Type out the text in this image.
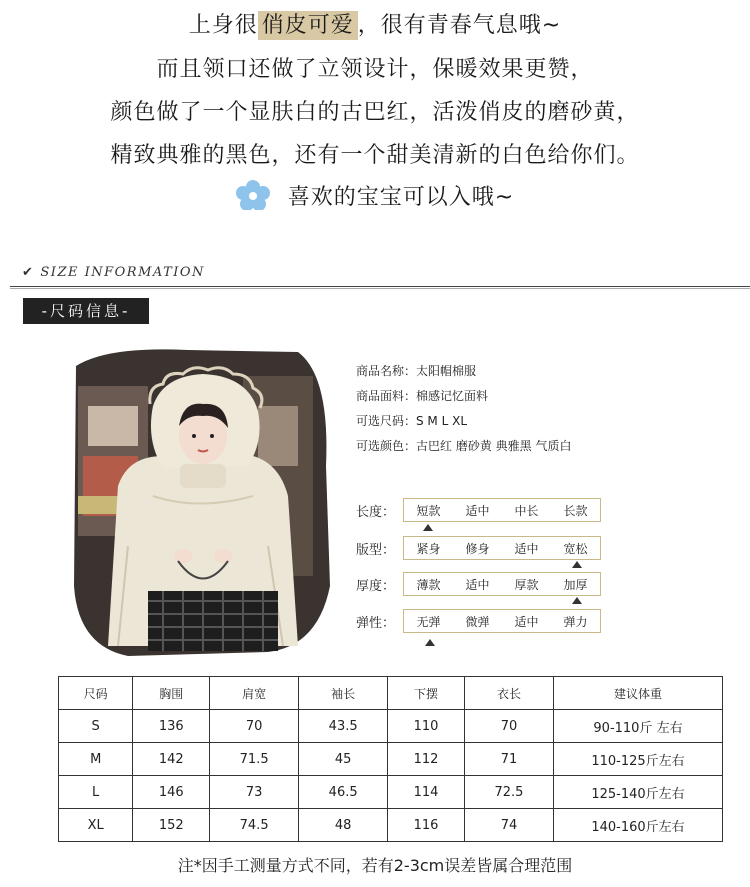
上身很 俏皮可爱 ，很有青春气息哦~
而且领口还做了立领设计，保暖效果更赞，
颜色做了一个显肤白的古巴红，活泼俏皮的磨砂黄，
精致典雅的黑色，还有一个甜美清新的白色给你们。
喜欢的宝宝可以入哦~
✔ SIZE INFORMATION
-尺码信息-
商品名称：太阳帽棉服
商品面料：棉感记忆面料
可选尺码：S M L XL
可选颜色：古巴红 磨砂黄 典雅黑 气质白
长度：	短款	适中	中长	长款
版型：	紧身	修身	适中	宽松
厚度：	薄款	适中	厚款	加厚
弹性：	无弹	微弹	适中	弹力
尺码	胸围	肩宽	袖长	下摆	衣长	建议体重
S	136	70	43.5	110	70	90-110斤 左右
M	142	71.5	45	112	71	110-125斤左右
L	146	73	46.5	114	72.5	125-140斤左右
XL	152	74.5	48	116	74	140-160斤左右
注*因手工测量方式不同，若有2-3cm误差皆属合理范围
